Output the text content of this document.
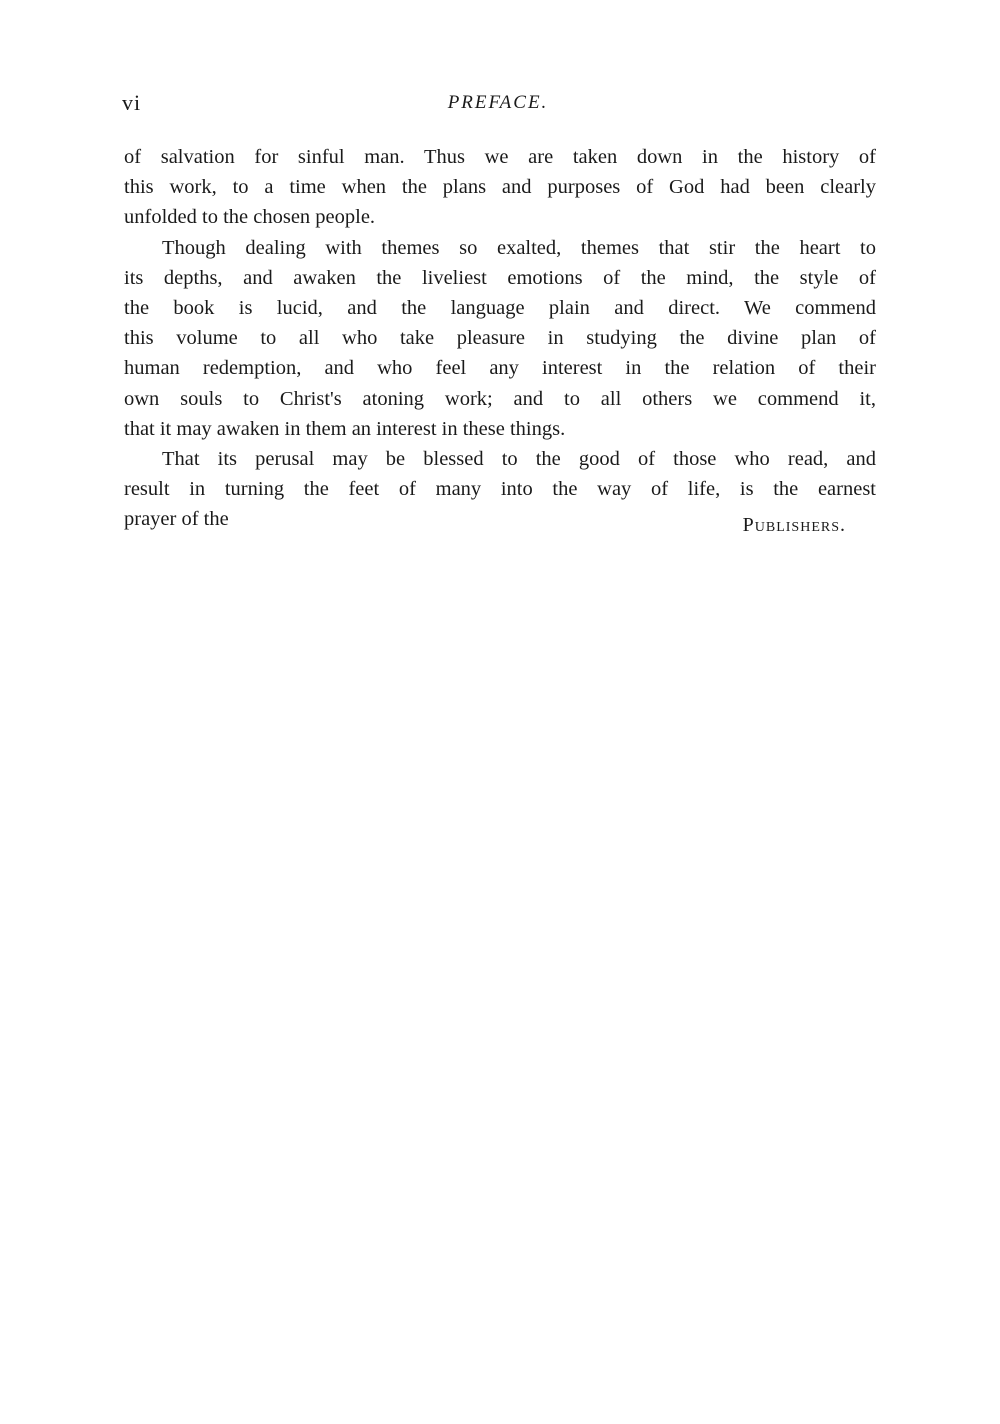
vi	PREFACE.
of salvation for sinful man. Thus we are taken down in the history of
this work, to a time when the plans and purposes of God had been clearly
unfolded to the chosen people.
Though dealing with themes so exalted, themes that stir the heart to
its depths, and awaken the liveliest emotions of the mind, the style of
the book is lucid, and the language plain and direct. We commend
this volume to all who take pleasure in studying the divine plan of
human redemption, and who feel any interest in the relation of their
own souls to Christ's atoning work; and to all others we commend it,
that it may awaken in them an interest in these things.
That its perusal may be blessed to the good of those who read, and
result in turning the feet of many into the way of life, is the earnest
prayer of the	Publishers.
